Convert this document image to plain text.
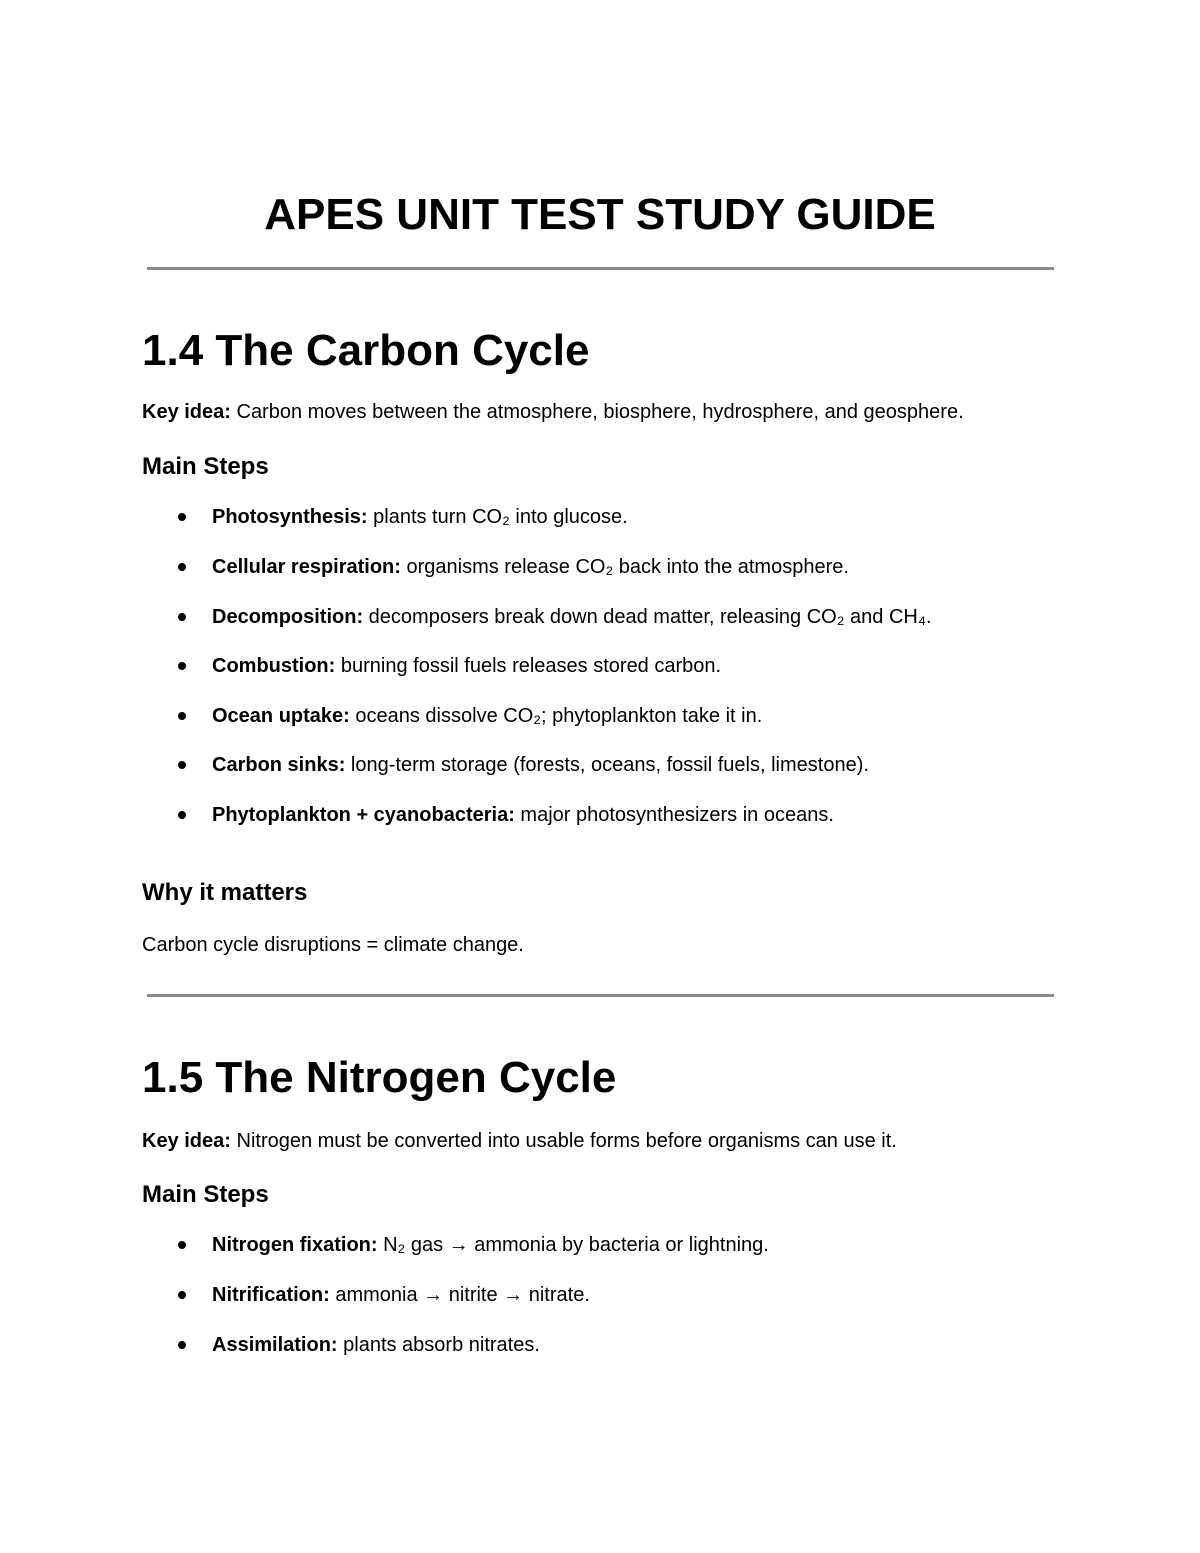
APES UNIT TEST STUDY GUIDE
1.4 The Carbon Cycle
Key idea: Carbon moves between the atmosphere, biosphere, hydrosphere, and geosphere.
Main Steps
Photosynthesis: plants turn CO₂ into glucose.
Cellular respiration: organisms release CO₂ back into the atmosphere.
Decomposition: decomposers break down dead matter, releasing CO₂ and CH₄.
Combustion: burning fossil fuels releases stored carbon.
Ocean uptake: oceans dissolve CO₂; phytoplankton take it in.
Carbon sinks: long-term storage (forests, oceans, fossil fuels, limestone).
Phytoplankton + cyanobacteria: major photosynthesizers in oceans.
Why it matters
Carbon cycle disruptions = climate change.
1.5 The Nitrogen Cycle
Key idea: Nitrogen must be converted into usable forms before organisms can use it.
Main Steps
Nitrogen fixation: N₂ gas → ammonia by bacteria or lightning.
Nitrification: ammonia → nitrite → nitrate.
Assimilation: plants absorb nitrates.
